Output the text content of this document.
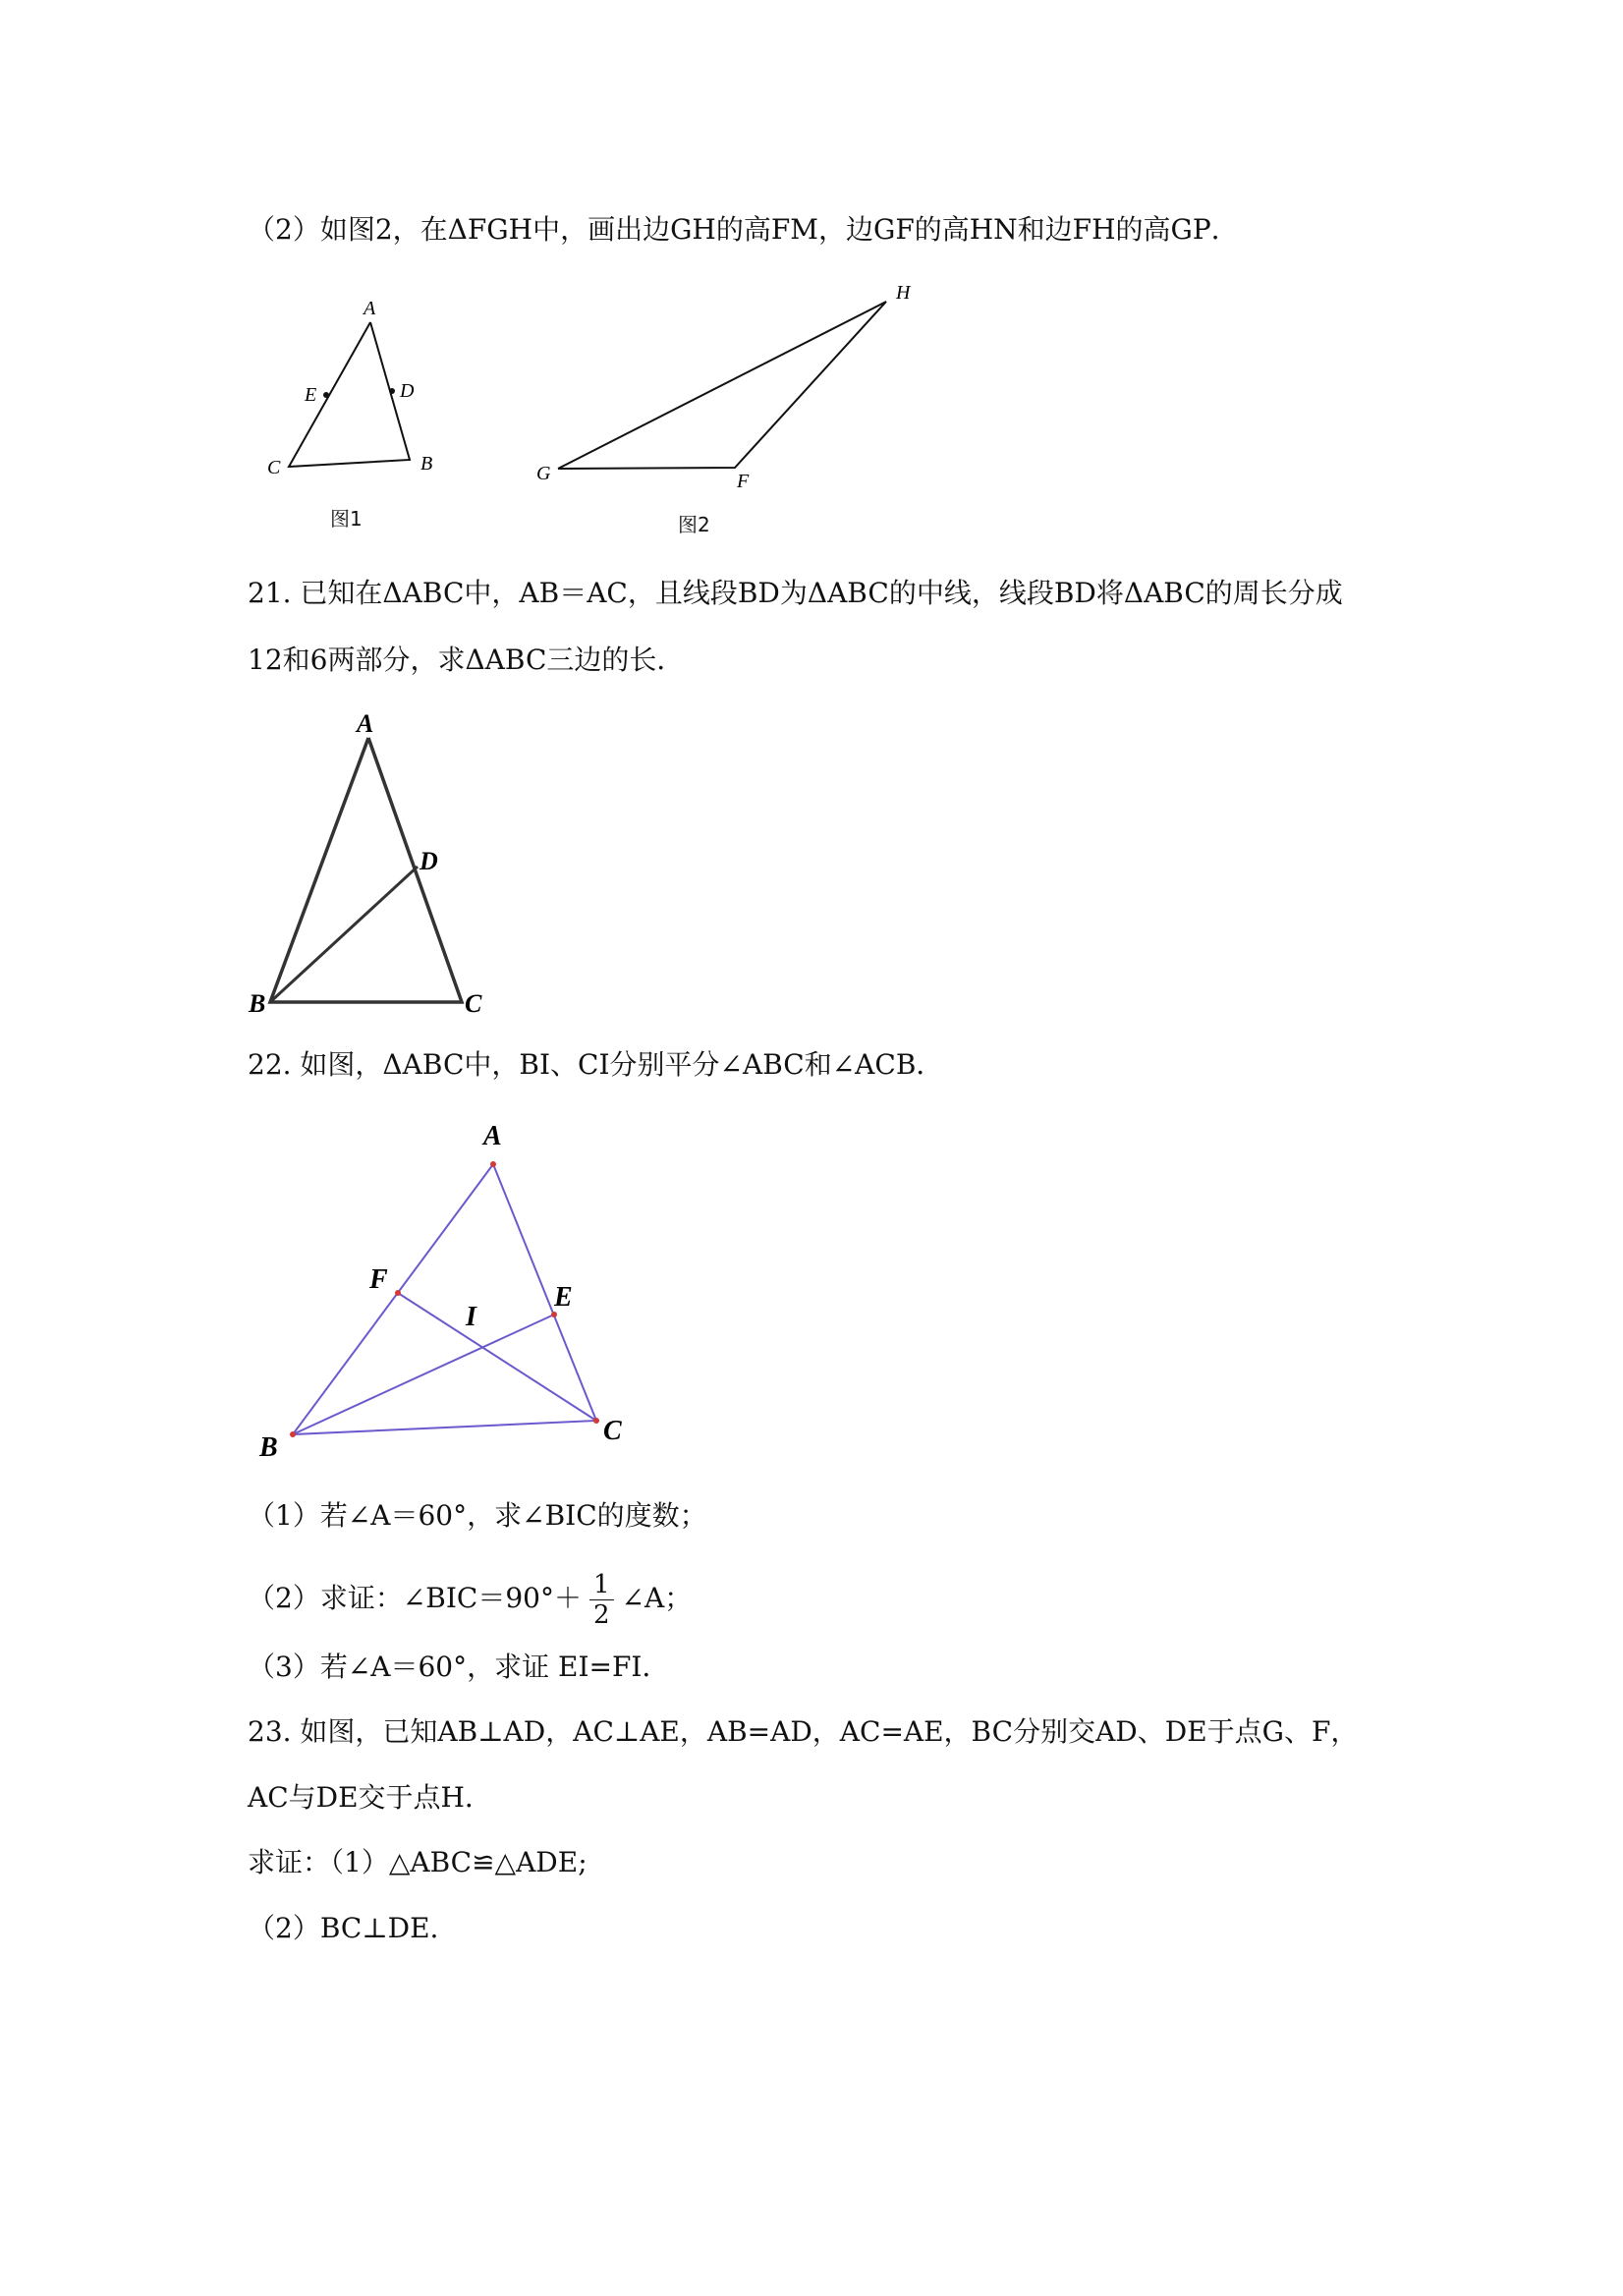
（2）如图2，在ΔFGH中，画出边GH的高FM，边GF的高HN和边FH的高GP．
A
E	D
C	B
图1
H
G	F
图2
21. 已知在ΔABC中，AB＝AC，且线段BD为ΔABC的中线，线段BD将ΔABC的周长分成
12和6两部分，求ΔABC三边的长．
A
D
B	C
22. 如图，ΔABC中，BI、CI分别平分∠ABC和∠ACB．
A
F
E
I
B
C
（1）若∠A＝60°，求∠BIC的度数；
（2）求证：∠BIC＝90°＋ $\frac{1}{2}$ ∠A；
（3）若∠A＝60°，求证 EI=FI．
23. 如图，已知AB⊥AD，AC⊥AE，AB=AD，AC=AE，BC分别交AD、DE于点G、F，
AC与DE交于点H．
求证：（1）△ABC≌△ADE;
（2）BC⊥DE.
